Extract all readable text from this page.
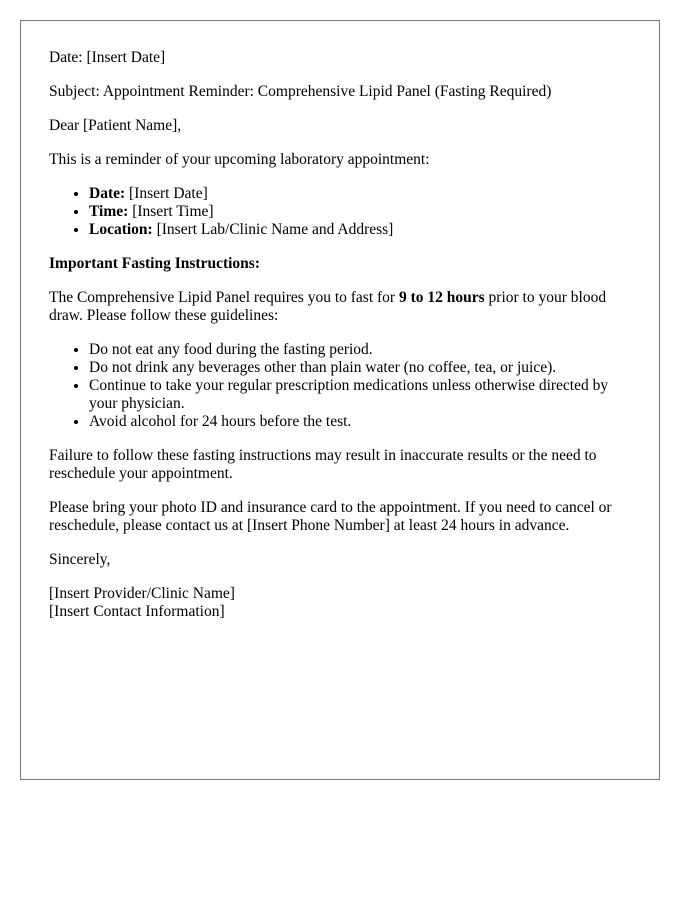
Date: [Insert Date]

Subject: Appointment Reminder: Comprehensive Lipid Panel (Fasting Required)

Dear [Patient Name],

This is a reminder of your upcoming laboratory appointment:

• Date: [Insert Date]
• Time: [Insert Time]
• Location: [Insert Lab/Clinic Name and Address]

Important Fasting Instructions:

The Comprehensive Lipid Panel requires you to fast for 9 to 12 hours prior to your blood draw. Please follow these guidelines:

• Do not eat any food during the fasting period.
• Do not drink any beverages other than plain water (no coffee, tea, or juice).
• Continue to take your regular prescription medications unless otherwise directed by your physician.
• Avoid alcohol for 24 hours before the test.

Failure to follow these fasting instructions may result in inaccurate results or the need to reschedule your appointment.

Please bring your photo ID and insurance card to the appointment. If you need to cancel or reschedule, please contact us at [Insert Phone Number] at least 24 hours in advance.

Sincerely,

[Insert Provider/Clinic Name]

[Insert Contact Information]
